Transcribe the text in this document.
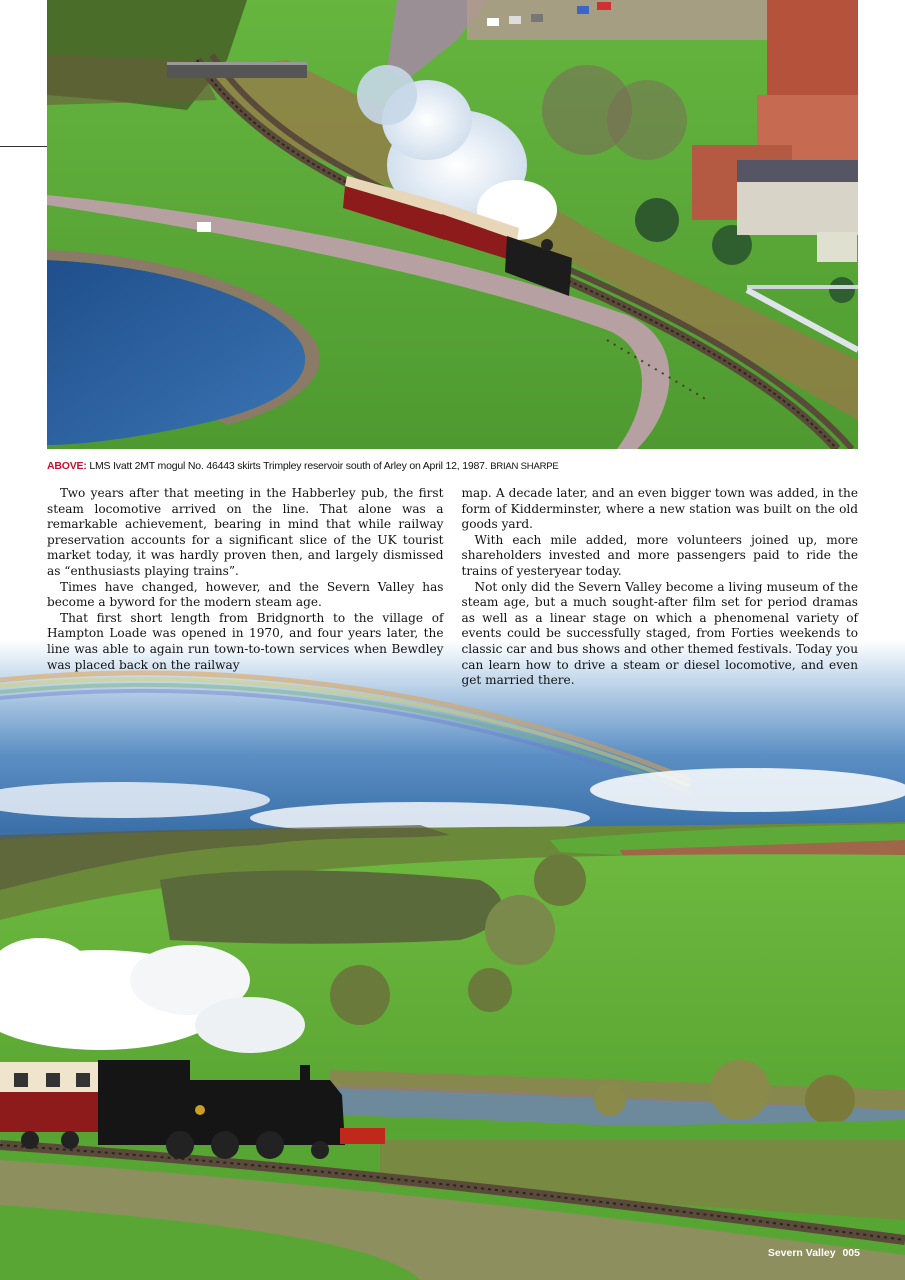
ABOVE: LMS Ivatt 2MT mogul No. 46443 skirts Trimpley reservoir south of Arley on April 12, 1987. BRIAN SHARPE

Two years after that meeting in the Habberley pub, the first steam locomotive arrived on the line. That alone was a remarkable achievement, bearing in mind that while railway preservation accounts for a significant slice of the UK tourist market today, it was hardly proven then, and largely dismissed as “enthusiasts playing trains”.

Times have changed, however, and the Severn Valley has become a byword for the modern steam age.

That first short length from Bridgnorth to the village of Hampton Loade was opened in 1970, and four years later, the line was able to again run town-to-town services when Bewdley was placed back on the railway

map. A decade later, and an even bigger town was added, in the form of Kidderminster, where a new station was built on the old goods yard.

With each mile added, more volunteers joined up, more shareholders invested and more passengers paid to ride the trains of yesteryear today.

Not only did the Severn Valley become a living museum of the steam age, but a much sought-after film set for period dramas as well as a linear stage on which a phenomenal variety of events could be successfully staged, from Forties weekends to classic car and bus shows and other themed festivals. Today you can learn how to drive a steam or diesel locomotive, and even get married there.

Severn Valley 005
